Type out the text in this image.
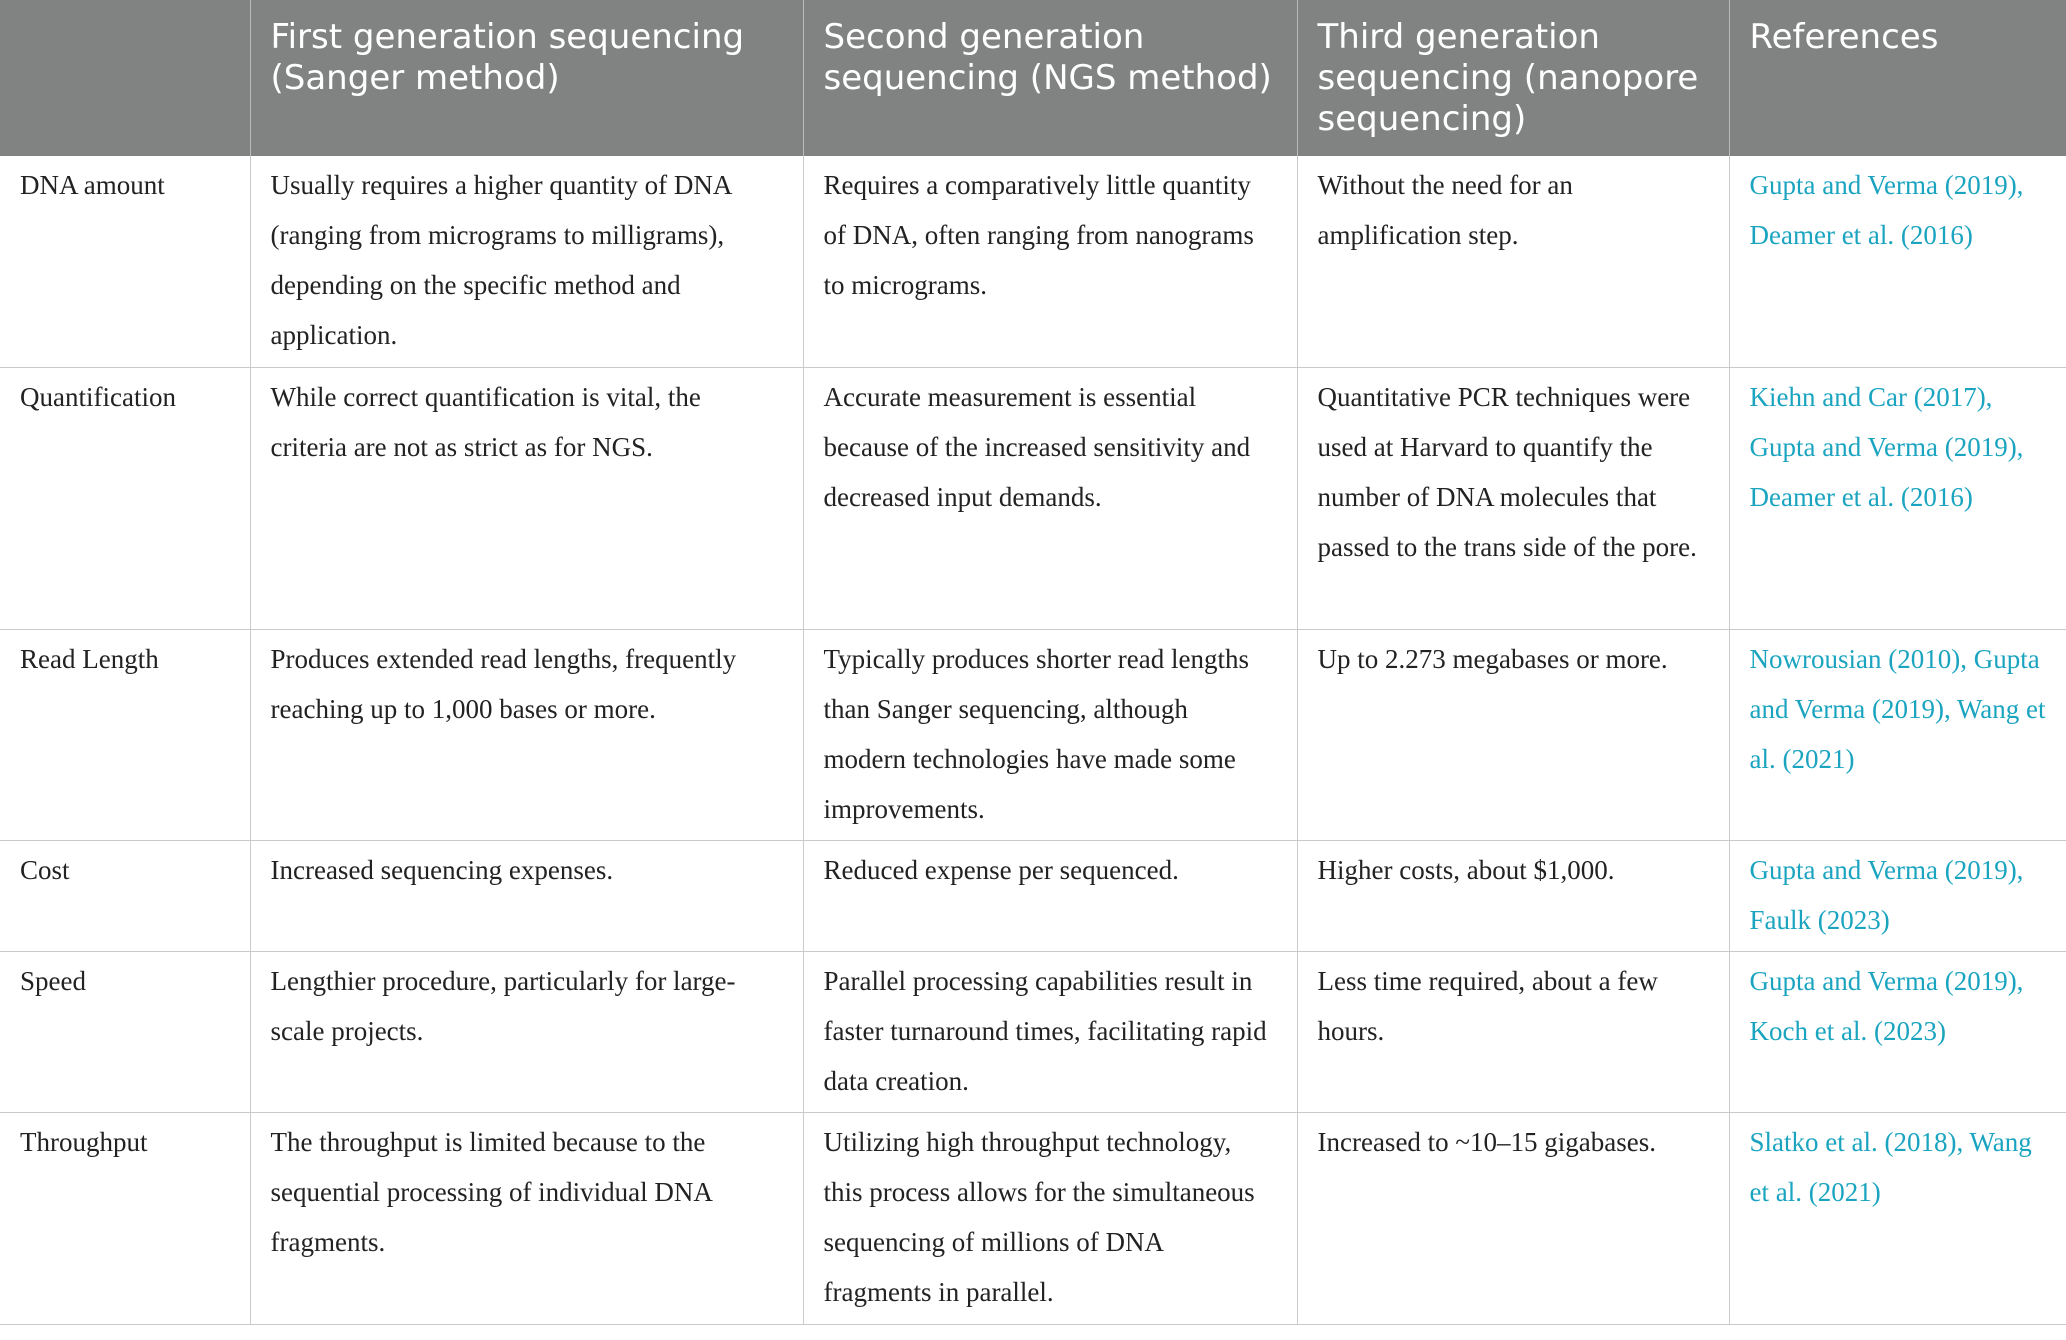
	First generation sequencing (Sanger method)	Second generation sequencing (NGS method)	Third generation sequencing (nanopore sequencing)	References
DNA amount	Usually requires a higher quantity of DNA (ranging from micrograms to milligrams), depending on the specific method and application.	Requires a comparatively little quantity of DNA, often ranging from nanograms to micrograms.	Without the need for an amplification step.	Gupta and Verma (2019), Deamer et al. (2016)
Quantification	While correct quantification is vital, the criteria are not as strict as for NGS.	Accurate measurement is essential because of the increased sensitivity and decreased input demands.	Quantitative PCR techniques were used at Harvard to quantify the number of DNA molecules that passed to the trans side of the pore.	Kiehn and Car (2017), Gupta and Verma (2019), Deamer et al. (2016)
Read Length	Produces extended read lengths, frequently reaching up to 1,000 bases or more.	Typically produces shorter read lengths than Sanger sequencing, although modern technologies have made some improvements.	Up to 2.273 megabases or more.	Nowrousian (2010), Gupta and Verma (2019), Wang et al. (2021)
Cost	Increased sequencing expenses.	Reduced expense per sequenced.	Higher costs, about $1,000.	Gupta and Verma (2019), Faulk (2023)
Speed	Lengthier procedure, particularly for large-scale projects.	Parallel processing capabilities result in faster turnaround times, facilitating rapid data creation.	Less time required, about a few hours.	Gupta and Verma (2019), Koch et al. (2023)
Throughput	The throughput is limited because to the sequential processing of individual DNA fragments.	Utilizing high throughput technology, this process allows for the simultaneous sequencing of millions of DNA fragments in parallel.	Increased to ~10–15 gigabases.	Slatko et al. (2018), Wang et al. (2021)
